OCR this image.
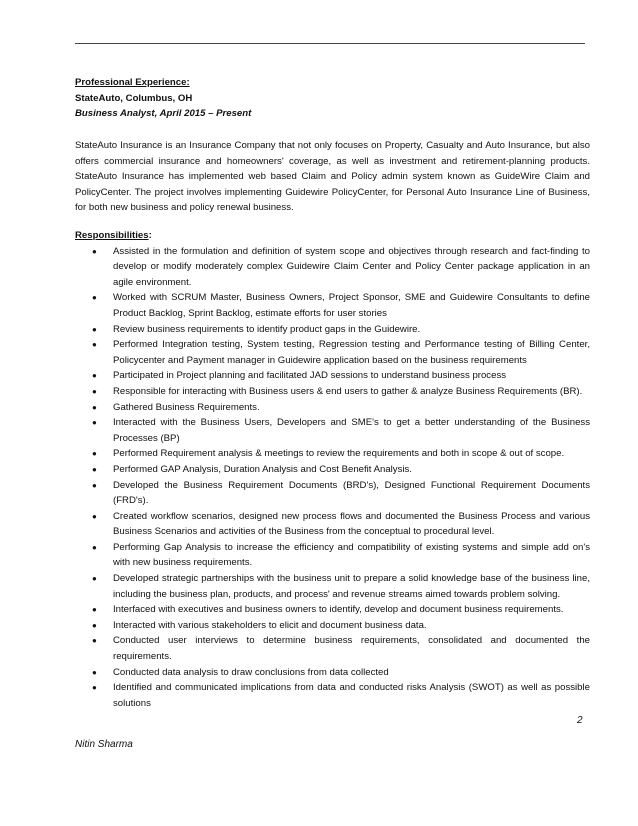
Professional Experience:
StateAuto, Columbus, OH
Business Analyst, April 2015 – Present
StateAuto Insurance is an Insurance Company that not only focuses on Property, Casualty and Auto Insurance, but also offers commercial insurance and homeowners' coverage, as well as investment and retirement-planning products. StateAuto Insurance has implemented web based Claim and Policy admin system known as GuideWire Claim and PolicyCenter. The project involves implementing Guidewire PolicyCenter, for Personal Auto Insurance Line of Business, for both new business and policy renewal business.
Responsibilities:
● Assisted in the formulation and definition of system scope and objectives through research and fact-finding to develop or modify moderately complex Guidewire Claim Center and Policy Center package application in an agile environment.
● Worked with SCRUM Master, Business Owners, Project Sponsor, SME and Guidewire Consultants to define Product Backlog, Sprint Backlog, estimate efforts for user stories
● Review business requirements to identify product gaps in the Guidewire.
● Performed Integration testing, System testing, Regression testing and Performance testing of Billing Center, Policycenter and Payment manager in Guidewire application based on the business requirements
● Participated in Project planning and facilitated JAD sessions to understand business process
● Responsible for interacting with Business users & end users to gather & analyze Business Requirements (BR).
● Gathered Business Requirements.
● Interacted with the Business Users, Developers and SME's to get a better understanding of the Business Processes (BP)
● Performed Requirement analysis & meetings to review the requirements and both in scope & out of scope.
● Performed GAP Analysis, Duration Analysis and Cost Benefit Analysis.
● Developed the Business Requirement Documents (BRD's), Designed Functional Requirement Documents (FRD's).
● Created workflow scenarios, designed new process flows and documented the Business Process and various Business Scenarios and activities of the Business from the conceptual to procedural level.
● Performing Gap Analysis to increase the efficiency and compatibility of existing systems and simple add on's with new business requirements.
● Developed strategic partnerships with the business unit to prepare a solid knowledge base of the business line, including the business plan, products, and process' and revenue streams aimed towards problem solving.
● Interfaced with executives and business owners to identify, develop and document business requirements.
● Interacted with various stakeholders to elicit and document business data.
● Conducted user interviews to determine business requirements, consolidated and documented the requirements.
● Conducted data analysis to draw conclusions from data collected
● Identified and communicated implications from data and conducted risks Analysis (SWOT) as well as possible solutions
2
Nitin Sharma
